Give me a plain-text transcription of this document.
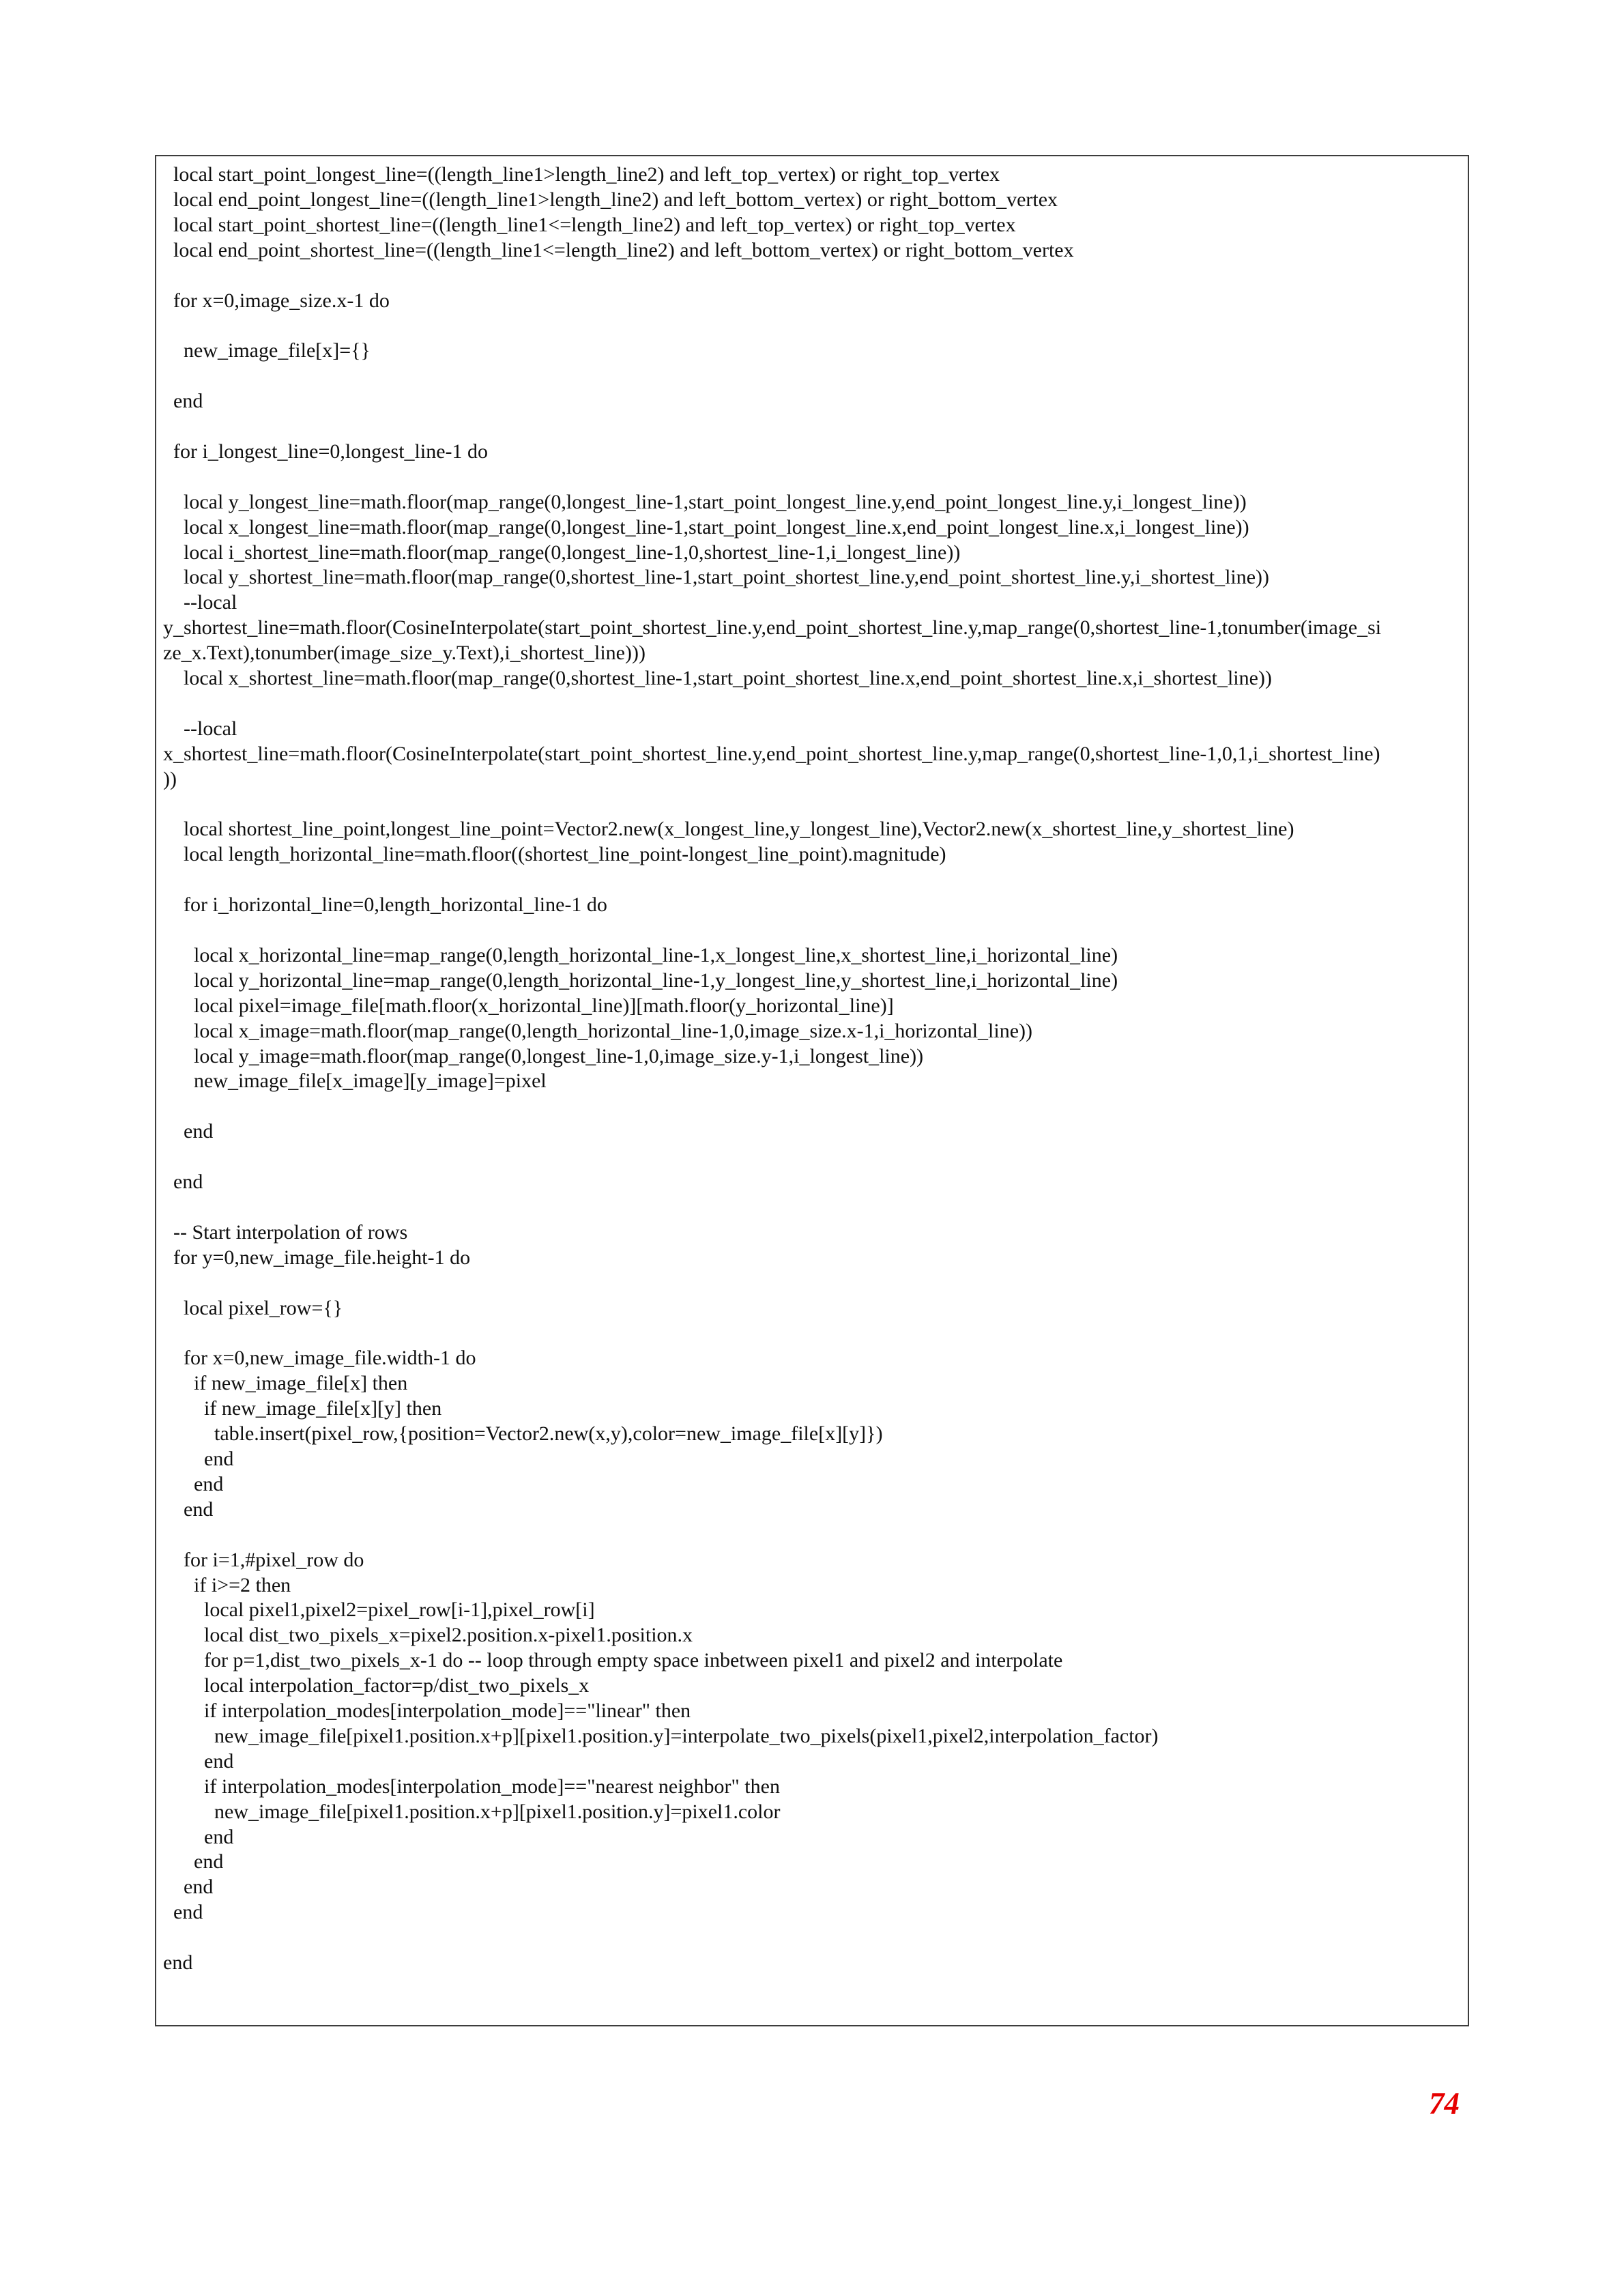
local start_point_longest_line=((length_line1>length_line2) and left_top_vertex) or right_top_vertex
local end_point_longest_line=((length_line1>length_line2) and left_bottom_vertex) or right_bottom_vertex
local start_point_shortest_line=((length_line1<=length_line2) and left_top_vertex) or right_top_vertex
local end_point_shortest_line=((length_line1<=length_line2) and left_bottom_vertex) or right_bottom_vertex
for x=0,image_size.x-1 do
new_image_file[x]={}
end
for i_longest_line=0,longest_line-1 do
local y_longest_line=math.floor(map_range(0,longest_line-1,start_point_longest_line.y,end_point_longest_line.y,i_longest_line))
local x_longest_line=math.floor(map_range(0,longest_line-1,start_point_longest_line.x,end_point_longest_line.x,i_longest_line))
local i_shortest_line=math.floor(map_range(0,longest_line-1,0,shortest_line-1,i_longest_line))
local y_shortest_line=math.floor(map_range(0,shortest_line-1,start_point_shortest_line.y,end_point_shortest_line.y,i_shortest_line))
--local
y_shortest_line=math.floor(CosineInterpolate(start_point_shortest_line.y,end_point_shortest_line.y,map_range(0,shortest_line-1,tonumber(image_si
ze_x.Text),tonumber(image_size_y.Text),i_shortest_line)))
local x_shortest_line=math.floor(map_range(0,shortest_line-1,start_point_shortest_line.x,end_point_shortest_line.x,i_shortest_line))
--local
x_shortest_line=math.floor(CosineInterpolate(start_point_shortest_line.y,end_point_shortest_line.y,map_range(0,shortest_line-1,0,1,i_shortest_line)
))
local shortest_line_point,longest_line_point=Vector2.new(x_longest_line,y_longest_line),Vector2.new(x_shortest_line,y_shortest_line)
local length_horizontal_line=math.floor((shortest_line_point-longest_line_point).magnitude)
for i_horizontal_line=0,length_horizontal_line-1 do
local x_horizontal_line=map_range(0,length_horizontal_line-1,x_longest_line,x_shortest_line,i_horizontal_line)
local y_horizontal_line=map_range(0,length_horizontal_line-1,y_longest_line,y_shortest_line,i_horizontal_line)
local pixel=image_file[math.floor(x_horizontal_line)][math.floor(y_horizontal_line)]
local x_image=math.floor(map_range(0,length_horizontal_line-1,0,image_size.x-1,i_horizontal_line))
local y_image=math.floor(map_range(0,longest_line-1,0,image_size.y-1,i_longest_line))
new_image_file[x_image][y_image]=pixel
end
end
-- Start interpolation of rows
for y=0,new_image_file.height-1 do
local pixel_row={}
for x=0,new_image_file.width-1 do
if new_image_file[x] then
if new_image_file[x][y] then
table.insert(pixel_row,{position=Vector2.new(x,y),color=new_image_file[x][y]})
end
end
end
for i=1,#pixel_row do
if i>=2 then
local pixel1,pixel2=pixel_row[i-1],pixel_row[i]
local dist_two_pixels_x=pixel2.position.x-pixel1.position.x
for p=1,dist_two_pixels_x-1 do -- loop through empty space inbetween pixel1 and pixel2 and interpolate
local interpolation_factor=p/dist_two_pixels_x
if interpolation_modes[interpolation_mode]=="linear" then
new_image_file[pixel1.position.x+p][pixel1.position.y]=interpolate_two_pixels(pixel1,pixel2,interpolation_factor)
end
if interpolation_modes[interpolation_mode]=="nearest neighbor" then
new_image_file[pixel1.position.x+p][pixel1.position.y]=pixel1.color
end
end
end
end
end
74
